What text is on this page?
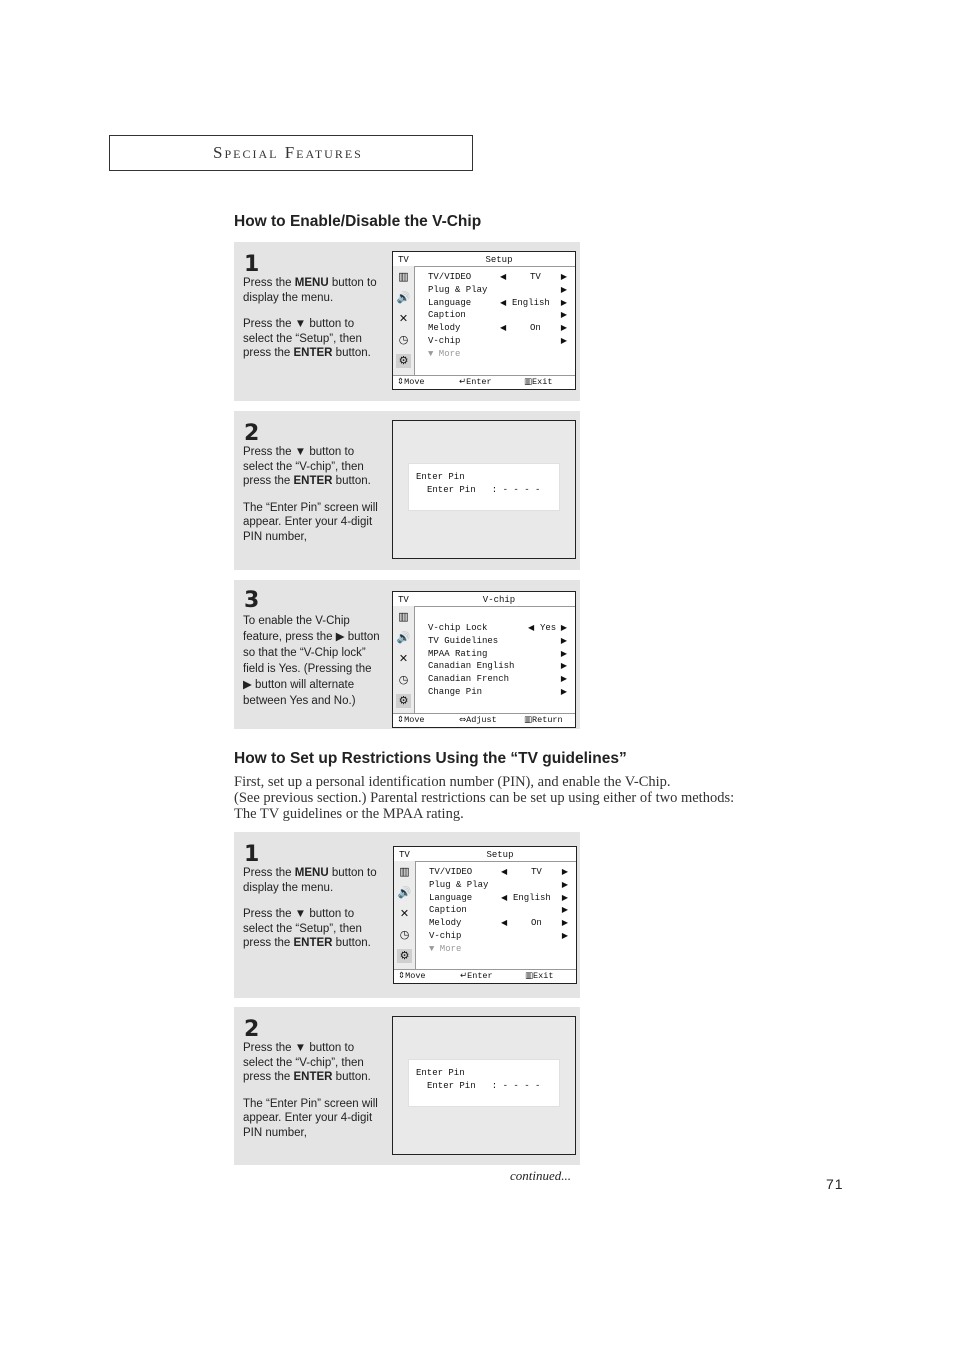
Special Features
How to Enable/Disable the V-Chip
1

Press the MENU button to display the menu.

Press the ▼ button to select the “Setup”, then press the ENTER button.

TV	Setup
▥
🔊
✕
◷
⚙
TV/VIDEO	◀	TV	▶
Plug & Play	▶
Language	◀ English ▶
Caption	▶
Melody	◀	On	▶
V-chip	▶
▼ More
⇕Move	↵Enter	▥Exit
2

Press the ▼ button to select the “V-chip”, then press the ENTER button.

The “Enter Pin” screen will appear. Enter your 4-digit PIN number,

Enter Pin
Enter Pin   : - - - -
3

To enable the V-Chip feature, press the ▶ button so that the “V-Chip lock” field is Yes. (Pressing the ▶ button will alternate between Yes and No.)

TV	V-chip
▥
🔊
✕
◷
⚙
V-chip Lock	◀ Yes ▶
TV Guidelines	▶
MPAA Rating	▶
Canadian English	▶
Canadian French	▶
Change Pin	▶
⇕Move	⇔Adjust	▥Return
How to Set up Restrictions Using the “TV guidelines”
First, set up a personal identification number (PIN), and enable the V-Chip.
(See previous section.) Parental restrictions can be set up using either of two methods:
The TV guidelines or the MPAA rating.
1

Press the MENU button to display the menu.

Press the ▼ button to select the “Setup”, then press the ENTER button.

TV	Setup
▥
🔊
✕
◷
⚙
TV/VIDEO	◀	TV	▶
Plug & Play	▶
Language	◀ English ▶
Caption	▶
Melody	◀	On	▶
V-chip	▶
▼ More
⇕Move	↵Enter	▥Exit
2

Press the ▼ button to select the “V-chip”, then press the ENTER button.

The “Enter Pin” screen will appear. Enter your 4-digit PIN number,

Enter Pin
Enter Pin   : - - - -
continued...
71
